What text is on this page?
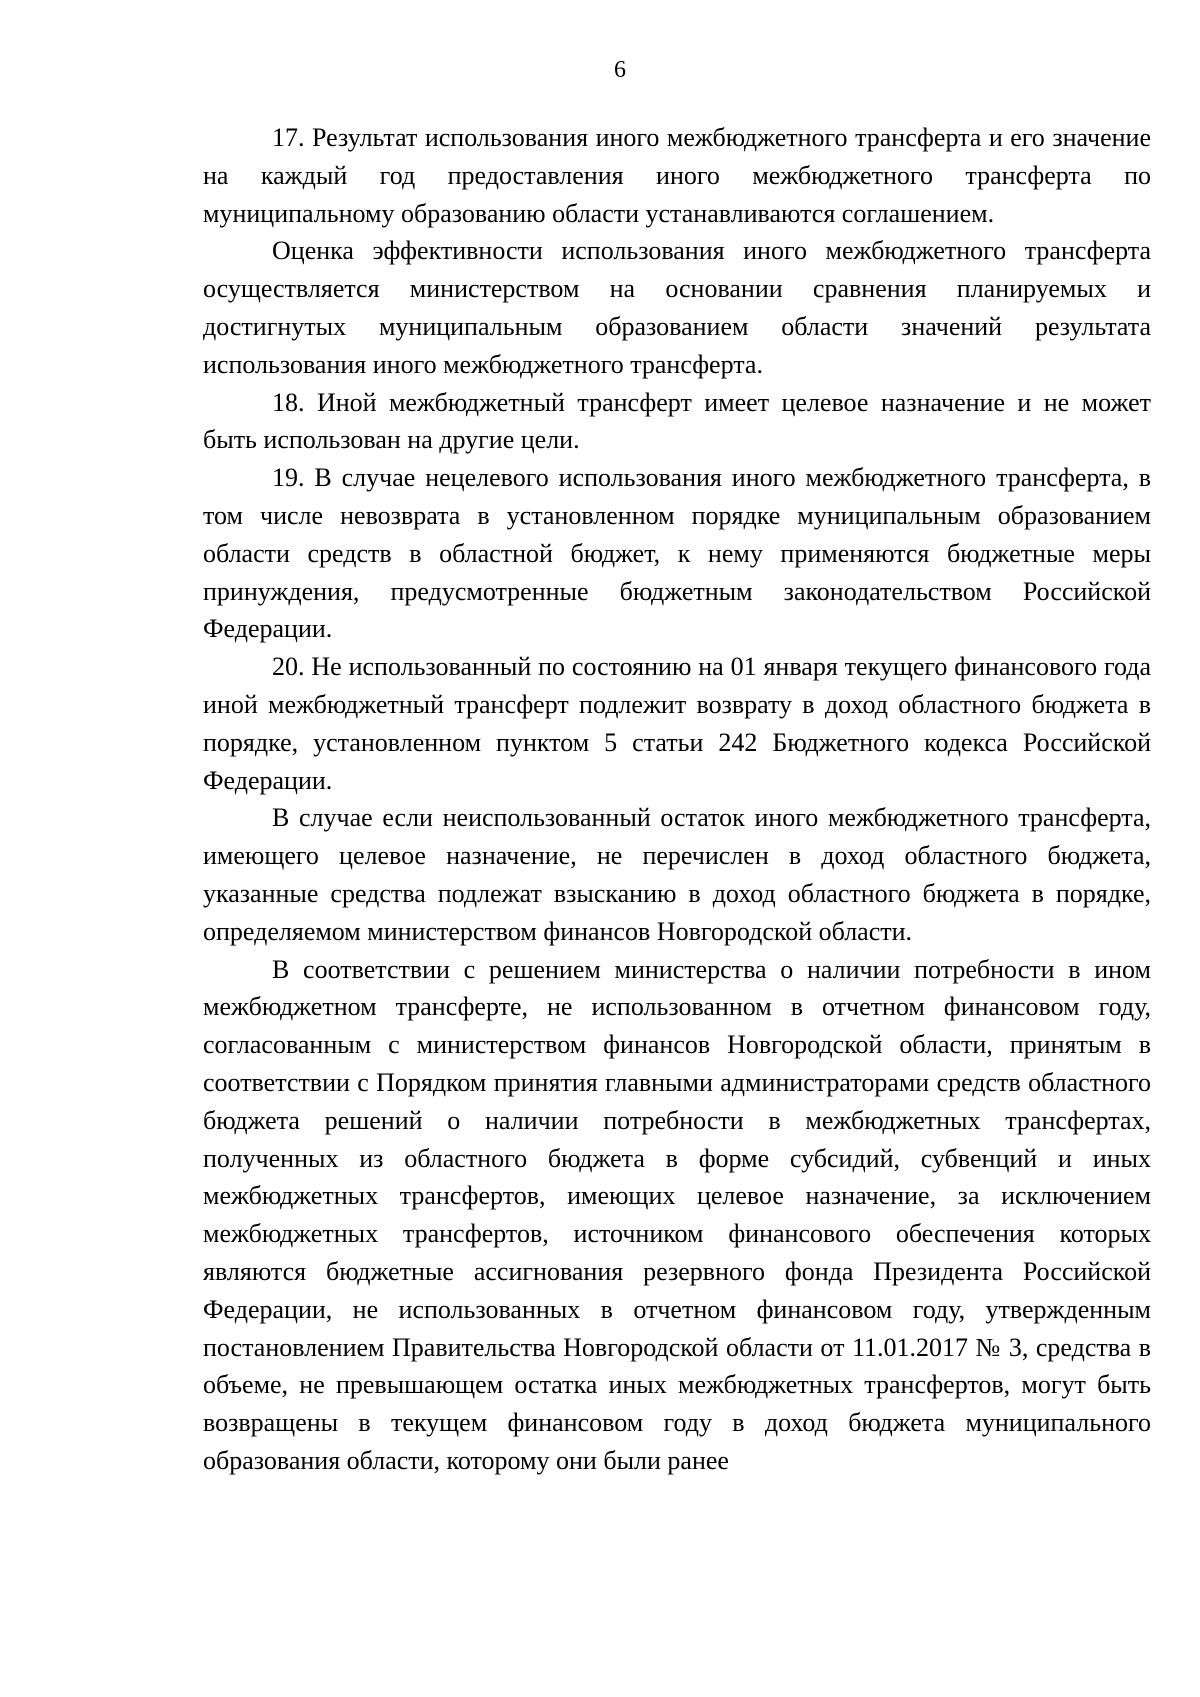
6

17. Результат использования иного межбюджетного трансферта и его значение на каждый год предоставления иного межбюджетного трансферта по муниципальному образованию области устанавливаются соглашением.

Оценка эффективности использования иного межбюджетного трансферта осуществляется министерством на основании сравнения планируемых и достигнутых муниципальным образованием области значений результата использования иного межбюджетного трансферта.

18. Иной межбюджетный трансферт имеет целевое назначение и не может быть использован на другие цели.

19. В случае нецелевого использования иного межбюджетного трансферта, в том числе невозврата в установленном порядке муниципальным образованием области средств в областной бюджет, к нему применяются бюджетные меры принуждения, предусмотренные бюджетным законодательством Российской Федерации.

20. Не использованный по состоянию на 01 января текущего финансового года иной межбюджетный трансферт подлежит возврату в доход областного бюджета в порядке, установленном пунктом 5 статьи 242 Бюджетного кодекса Российской Федерации.

В случае если неиспользованный остаток иного межбюджетного трансферта, имеющего целевое назначение, не перечислен в доход областного бюджета, указанные средства подлежат взысканию в доход областного бюджета в порядке, определяемом министерством финансов Новгородской области.

В соответствии с решением министерства о наличии потребности в ином межбюджетном трансферте, не использованном в отчетном финансовом году, согласованным с министерством финансов Новгородской области, принятым в соответствии с Порядком принятия главными администраторами средств областного бюджета решений о наличии потребности в межбюджетных трансфертах, полученных из областного бюджета в форме субсидий, субвенций и иных межбюджетных трансфертов, имеющих целевое назначение, за исключением межбюджетных трансфертов, источником финансового обеспечения которых являются бюджетные ассигнования резервного фонда Президента Российской Федерации, не использованных в отчетном финансовом году, утвержденным постановлением Правительства Новгородской области от 11.01.2017 № 3, средства в объеме, не превышающем остатка иных межбюджетных трансфертов, могут быть возвращены в текущем финансовом году в доход бюджета муниципального образования области, которому они были ранее
